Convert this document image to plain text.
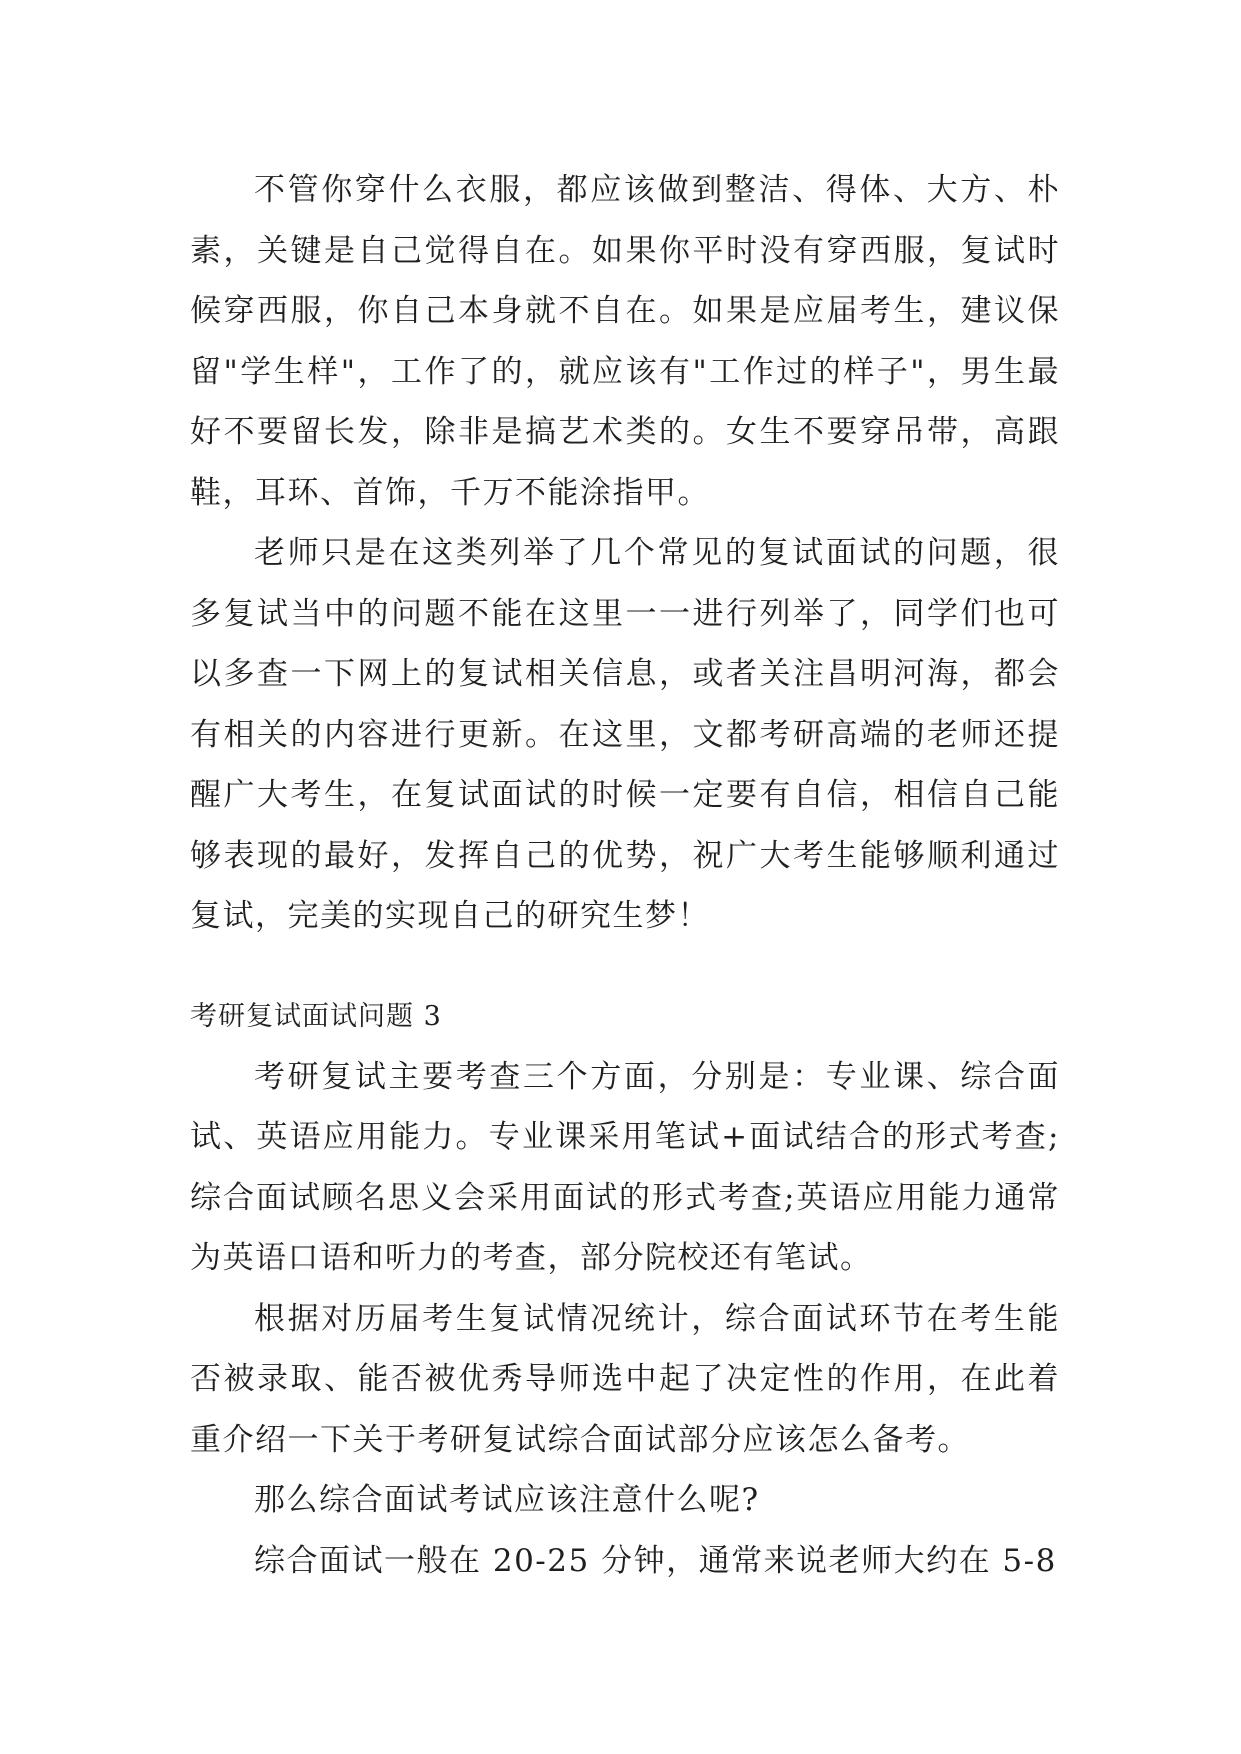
不管你穿什么衣服，都应该做到整洁、得体、大方、朴素，关键是自己觉得自在。如果你平时没有穿西服，复试时候穿西服，你自己本身就不自在。如果是应届考生，建议保留"学生样"，工作了的，就应该有"工作过的样子"，男生最好不要留长发，除非是搞艺术类的。女生不要穿吊带，高跟鞋，耳环、首饰，千万不能涂指甲。

老师只是在这类列举了几个常见的复试面试的问题，很多复试当中的问题不能在这里一一进行列举了，同学们也可以多查一下网上的复试相关信息，或者关注昌明河海，都会有相关的内容进行更新。在这里，文都考研高端的老师还提醒广大考生，在复试面试的时候一定要有自信，相信自己能够表现的最好，发挥自己的优势，祝广大考生能够顺利通过复试，完美的实现自己的研究生梦！

考研复试面试问题 3

考研复试主要考查三个方面，分别是：专业课、综合面试、英语应用能力。专业课采用笔试+面试结合的形式考查;综合面试顾名思义会采用面试的形式考查;英语应用能力通常为英语口语和听力的考查，部分院校还有笔试。

根据对历届考生复试情况统计，综合面试环节在考生能否被录取、能否被优秀导师选中起了决定性的作用，在此着重介绍一下关于考研复试综合面试部分应该怎么备考。

那么综合面试考试应该注意什么呢?

综合面试一般在 20-25 分钟，通常来说老师大约在 5-8
